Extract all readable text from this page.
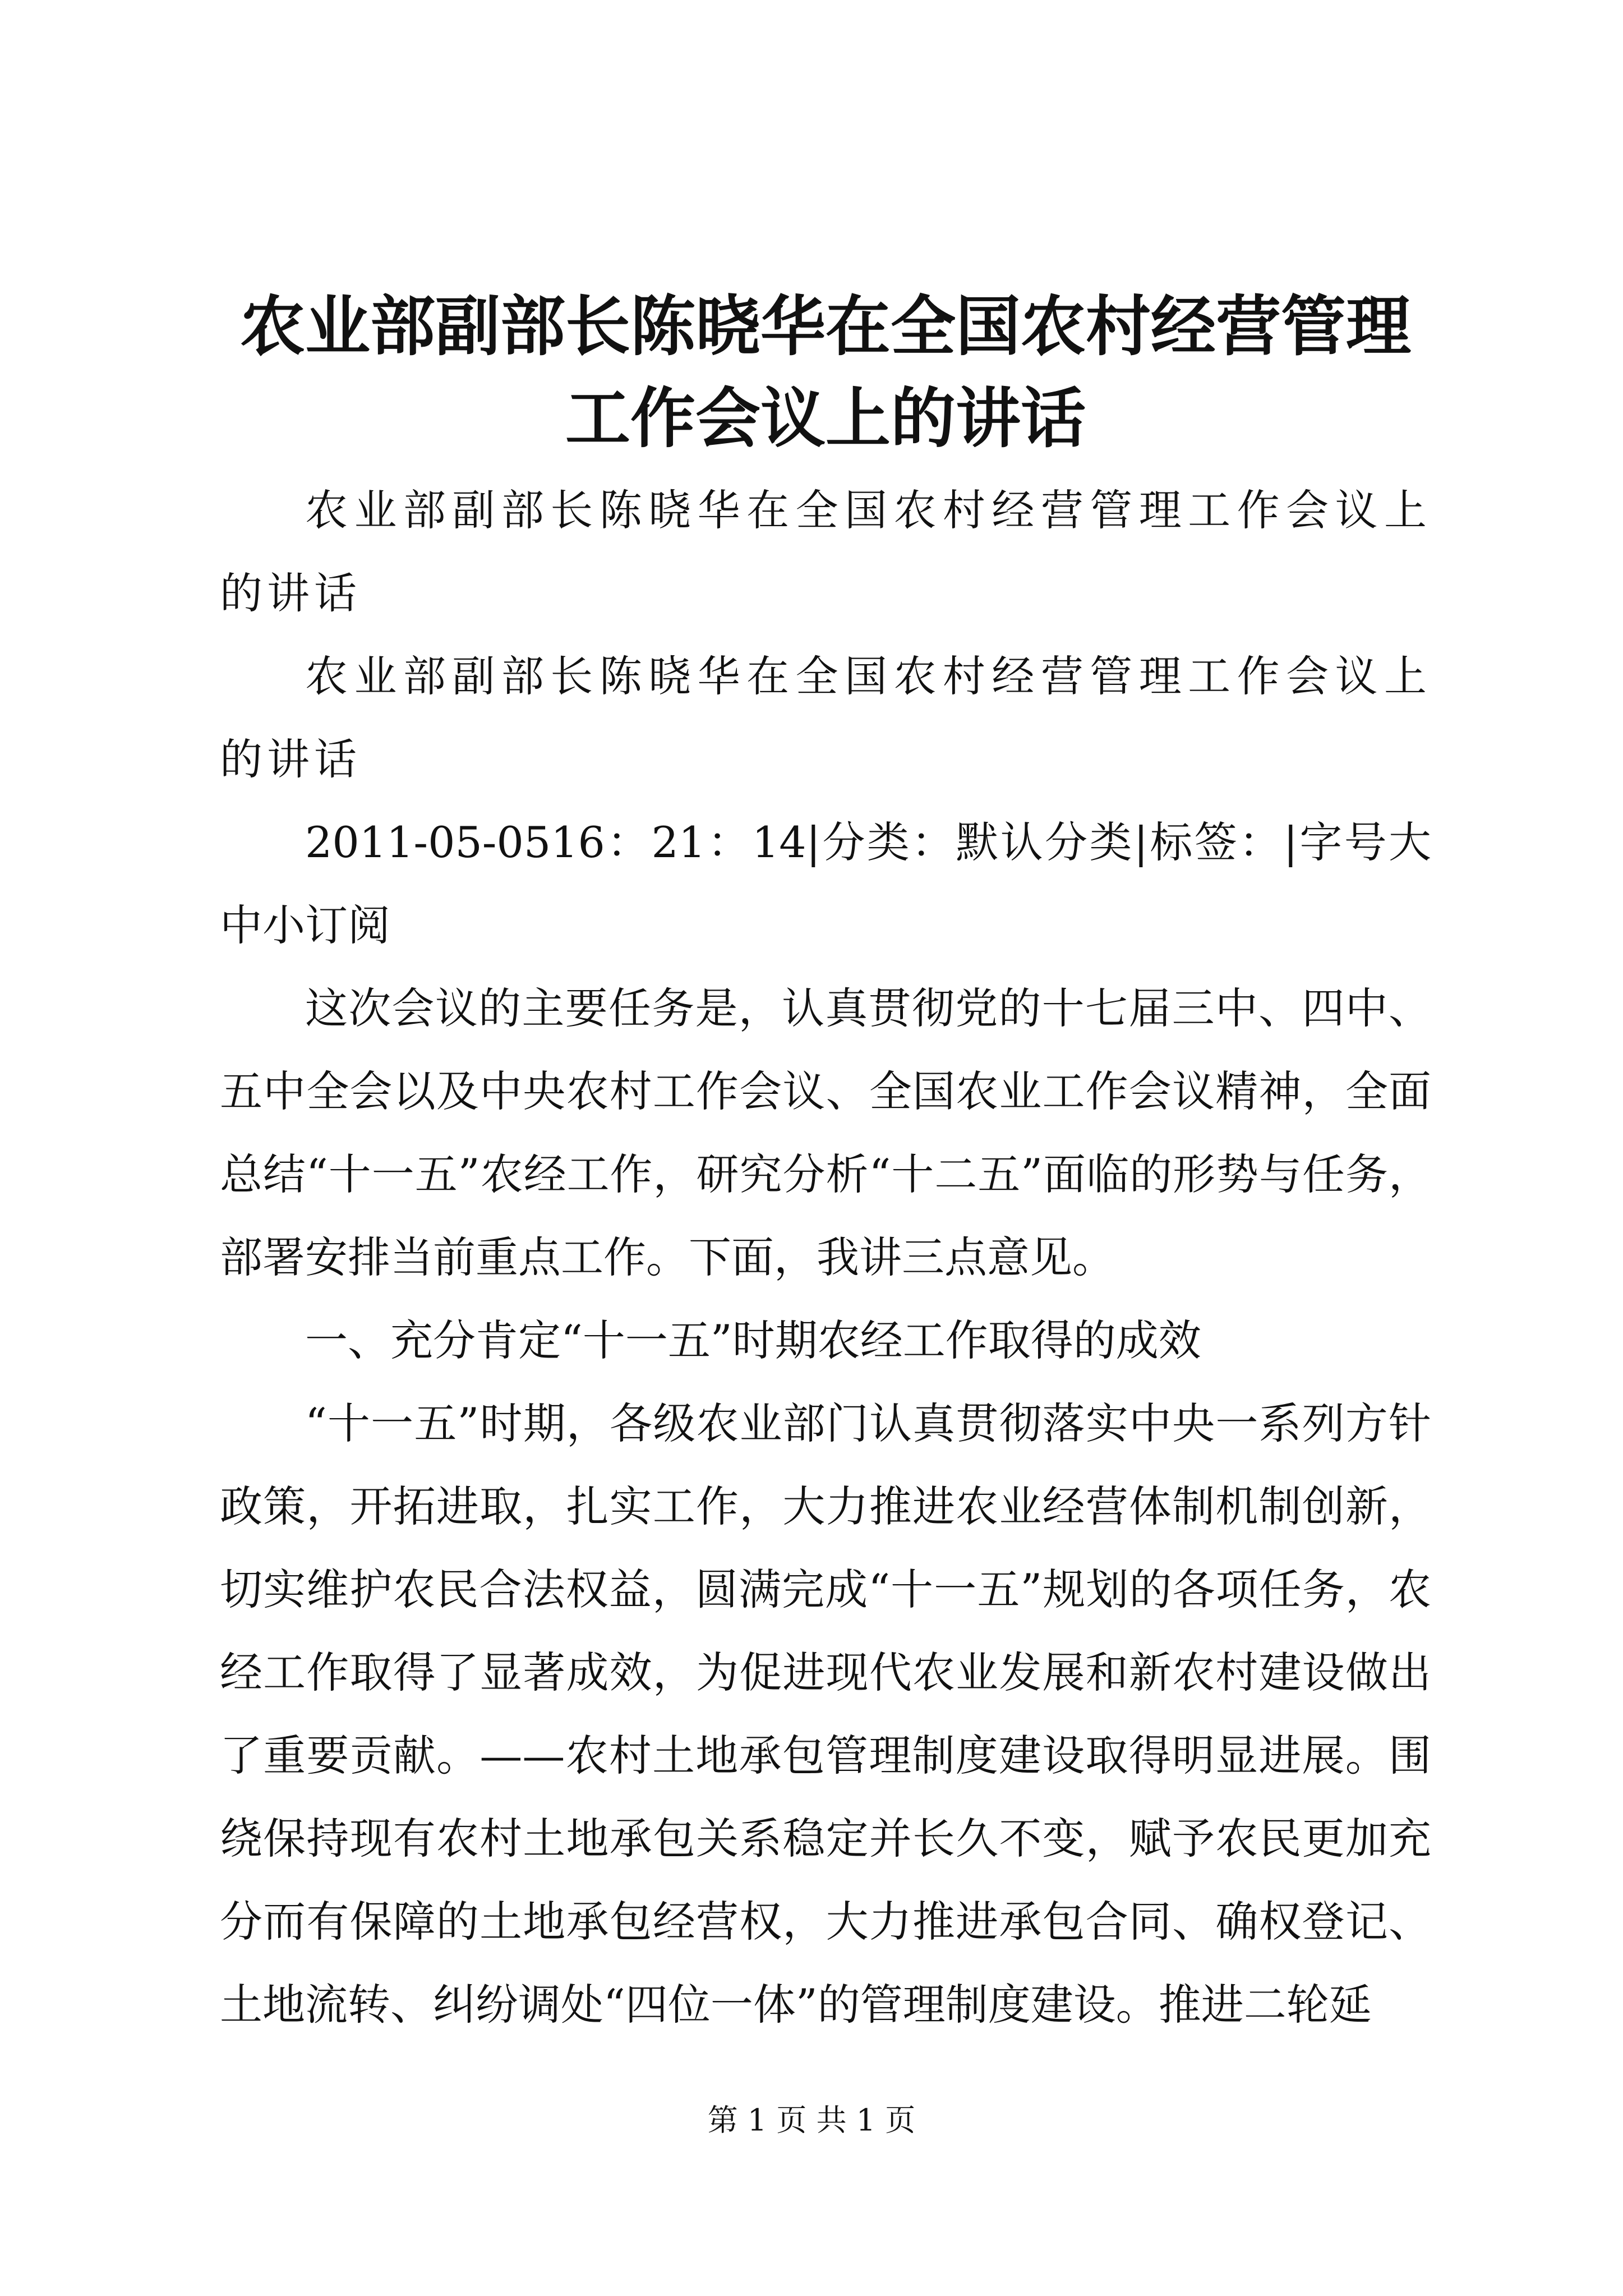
农业部副部长陈晓华在全国农村经营管理工作会议上的讲话

农业部副部长陈晓华在全国农村经营管理工作会议上的讲话

农业部副部长陈晓华在全国农村经营管理工作会议上的讲话

2011-05-0516：21：14|分类：默认分类|标签：|字号大中小订阅

这次会议的主要任务是，认真贯彻党的十七届三中、四中、五中全会以及中央农村工作会议、全国农业工作会议精神，全面总结“十一五”农经工作，研究分析“十二五”面临的形势与任务，部署安排当前重点工作。下面，我讲三点意见。

一、充分肯定“十一五”时期农经工作取得的成效

“十一五”时期，各级农业部门认真贯彻落实中央一系列方针政策，开拓进取，扎实工作，大力推进农业经营体制机制创新，切实维护农民合法权益，圆满完成“十一五”规划的各项任务，农经工作取得了显著成效，为促进现代农业发展和新农村建设做出了重要贡献。——农村土地承包管理制度建设取得明显进展。围绕保持现有农村土地承包关系稳定并长久不变，赋予农民更加充分而有保障的土地承包经营权，大力推进承包合同、确权登记、土地流转、纠纷调处“四位一体”的管理制度建设。推进二轮延

第 1 页 共 1 页
